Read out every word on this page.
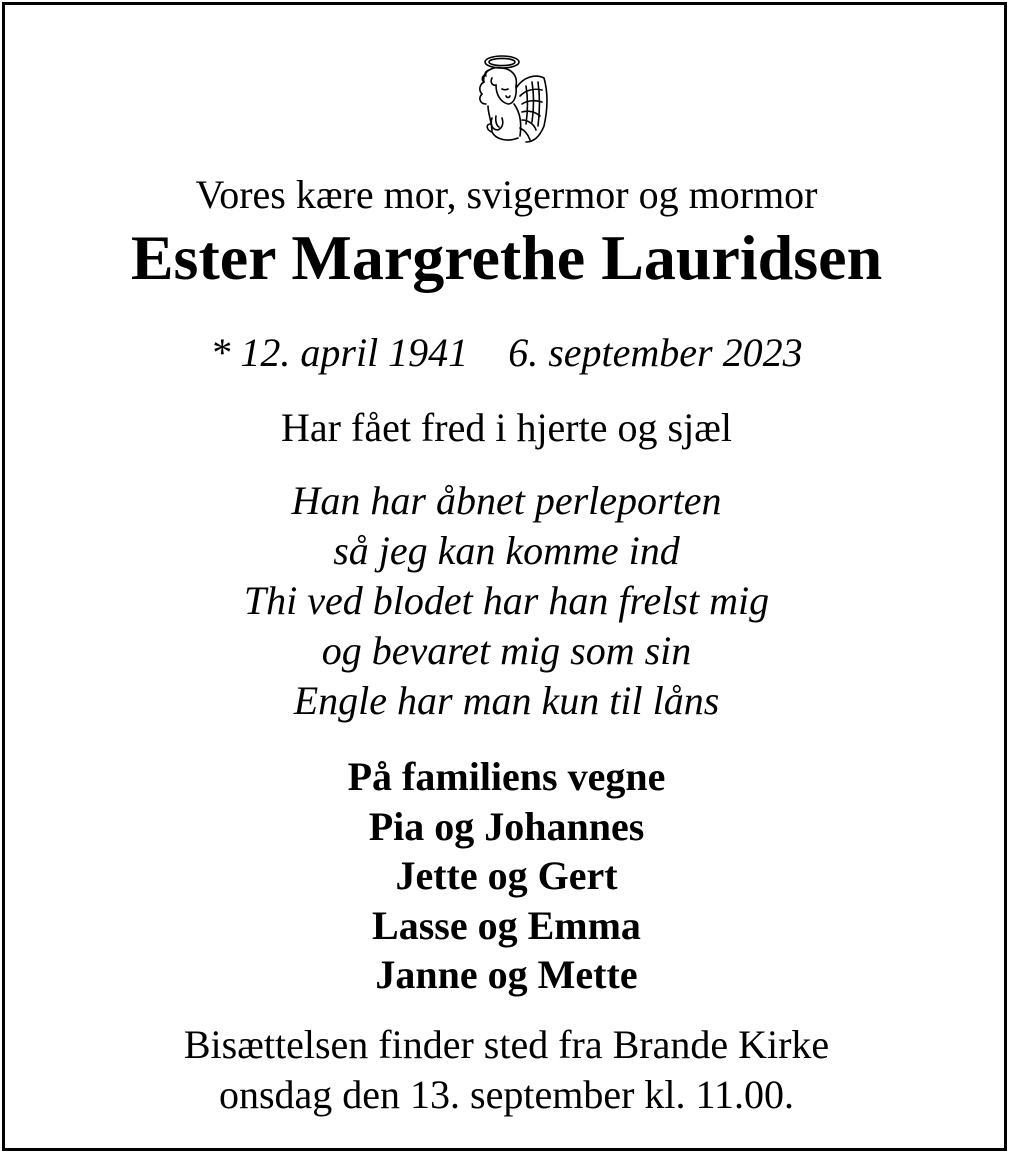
Vores kære mor, svigermor og mormor
Ester Margrethe Lauridsen
* 12. april 1941 6. september 2023
Har fået fred i hjerte og sjæl
Han har åbnet perleporten
så jeg kan komme ind
Thi ved blodet har han frelst mig
og bevaret mig som sin
Engle har man kun til låns
På familiens vegne
Pia og Johannes
Jette og Gert
Lasse og Emma
Janne og Mette
Bisættelsen finder sted fra Brande Kirke
onsdag den 13. september kl. 11.00.
